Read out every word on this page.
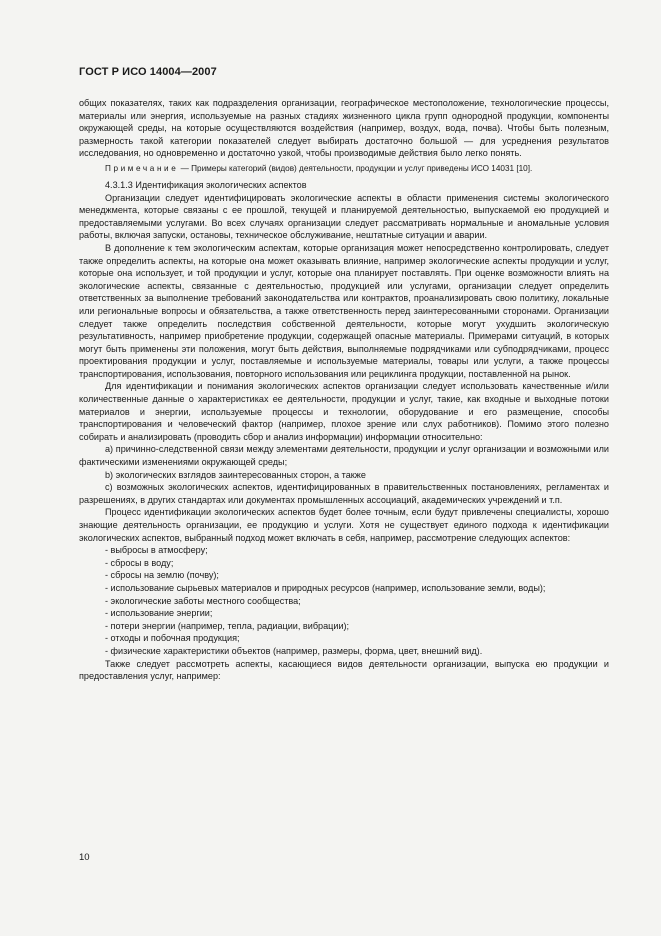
ГОСТ Р ИСО 14004—2007

общих показателях, таких как подразделения организации, географическое местоположение, технологические процессы, материалы или энергия, используемые на разных стадиях жизненного цикла групп однородной продукции, компоненты окружающей среды, на которые осуществляются воздействия (например, воздух, вода, почва). Чтобы быть полезным, размерность такой категории показателей следует выбирать достаточно большой — для усреднения результатов исследования, но одновременно и достаточно узкой, чтобы производимые действия было легко понять.

Примечание — Примеры категорий (видов) деятельности, продукции и услуг приведены ИСО 14031 [10].

4.3.1.3 Идентификация экологических аспектов

Организации следует идентифицировать экологические аспекты в области применения системы экологического менеджмента, которые связаны с ее прошлой, текущей и планируемой деятельностью, выпускаемой ею продукцией и предоставляемыми услугами. Во всех случаях организации следует рассматривать нормальные и аномальные условия работы, включая запуски, остановы, техническое обслуживание, нештатные ситуации и аварии.

В дополнение к тем экологическим аспектам, которые организация может непосредственно контролировать, следует также определить аспекты, на которые она может оказывать влияние, например экологические аспекты продукции и услуг, которые она использует, и той продукции и услуг, которые она планирует поставлять. При оценке возможности влиять на экологические аспекты, связанные с деятельностью, продукцией или услугами, организации следует определить ответственных за выполнение требований законодательства или контрактов, проанализировать свою политику, локальные или региональные вопросы и обязательства, а также ответственность перед заинтересованными сторонами. Организации следует также определить последствия собственной деятельности, которые могут ухудшить экологическую результативность, например приобретение продукции, содержащей опасные материалы. Примерами ситуаций, в которых могут быть применены эти положения, могут быть действия, выполняемые подрядчиками или субподрядчиками, процесс проектирования продукции и услуг, поставляемые и используемые материалы, товары или услуги, а также процессы транспортирования, использования, повторного использования или рециклинга продукции, поставленной на рынок.

Для идентификации и понимания экологических аспектов организации следует использовать качественные и/или количественные данные о характеристиках ее деятельности, продукции и услуг, такие, как входные и выходные потоки материалов и энергии, используемые процессы и технологии, оборудование и его размещение, способы транспортирования и человеческий фактор (например, плохое зрение или слух работников). Помимо этого полезно собирать и анализировать (проводить сбор и анализ информации) информации относительно:

a) причинно-следственной связи между элементами деятельности, продукции и услуг организации и возможными или фактическими изменениями окружающей среды;

b) экологических взглядов заинтересованных сторон, а также

c) возможных экологических аспектов, идентифицированных в правительственных постановлениях, регламентах и разрешениях, в других стандартах или документах промышленных ассоциаций, академических учреждений и т.п.

Процесс идентификации экологических аспектов будет более точным, если будут привлечены специалисты, хорошо знающие деятельность организации, ее продукцию и услуги. Хотя не существует единого подхода к идентификации экологических аспектов, выбранный подход может включать в себя, например, рассмотрение следующих аспектов:

- выбросы в атмосферу;

- сбросы в воду;

- сбросы на землю (почву);

- использование сырьевых материалов и природных ресурсов (например, использование земли, воды);

- экологические заботы местного сообщества;

- использование энергии;

- потери энергии (например, тепла, радиации, вибрации);

- отходы и побочная продукция;

- физические характеристики объектов (например, размеры, форма, цвет, внешний вид).

Также следует рассмотреть аспекты, касающиеся видов деятельности организации, выпуска ею продукции и предоставления услуг, например:

10
